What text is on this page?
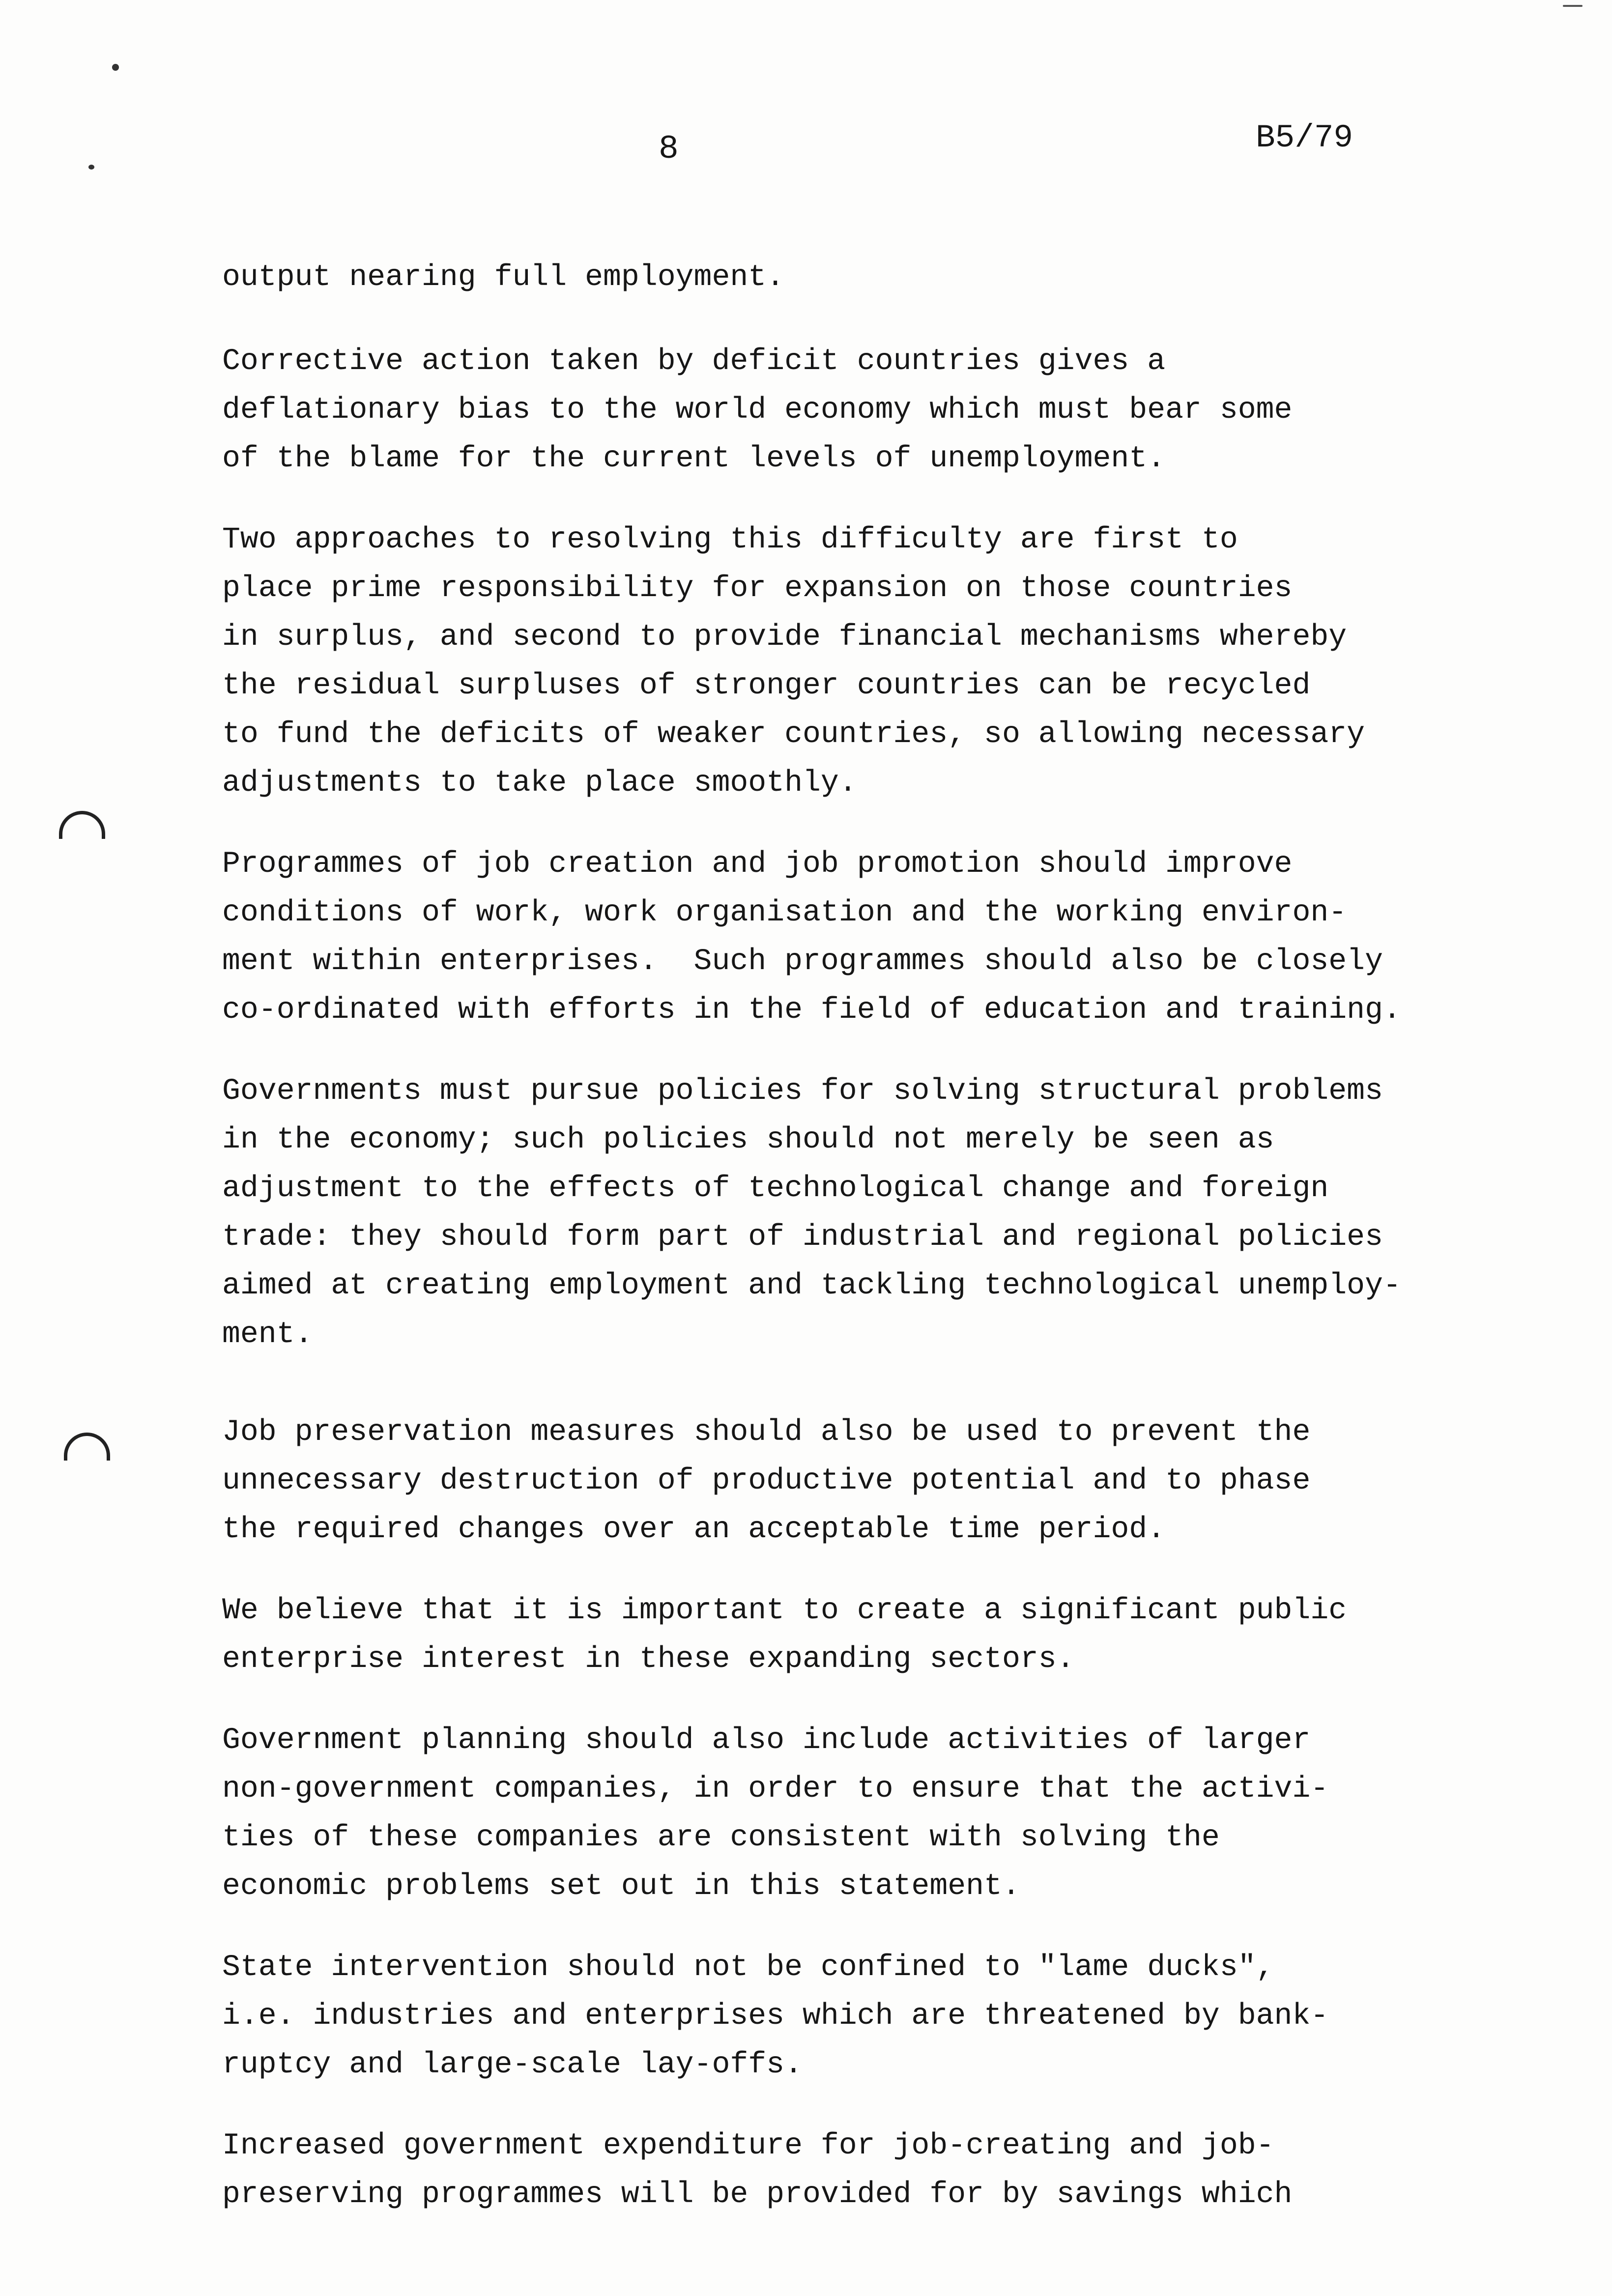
8	B5/79

output nearing full employment.

Corrective action taken by deficit countries gives a
deflationary bias to the world economy which must bear some
of the blame for the current levels of unemployment.

Two approaches to resolving this difficulty are first to
place prime responsibility for expansion on those countries
in surplus, and second to provide financial mechanisms whereby
the residual surpluses of stronger countries can be recycled
to fund the deficits of weaker countries, so allowing necessary
adjustments to take place smoothly.

Programmes of job creation and job promotion should improve
conditions of work, work organisation and the working environ-
ment within enterprises.  Such programmes should also be closely
co-ordinated with efforts in the field of education and training.

Governments must pursue policies for solving structural problems
in the economy; such policies should not merely be seen as
adjustment to the effects of technological change and foreign
trade: they should form part of industrial and regional policies
aimed at creating employment and tackling technological unemploy-
ment.

Job preservation measures should also be used to prevent the
unnecessary destruction of productive potential and to phase
the required changes over an acceptable time period.

We believe that it is important to create a significant public
enterprise interest in these expanding sectors.

Government planning should also include activities of larger
non-government companies, in order to ensure that the activi-
ties of these companies are consistent with solving the
economic problems set out in this statement.

State intervention should not be confined to "lame ducks",
i.e. industries and enterprises which are threatened by bank-
ruptcy and large-scale lay-offs.

Increased government expenditure for job-creating and job-
preserving programmes will be provided for by savings which
